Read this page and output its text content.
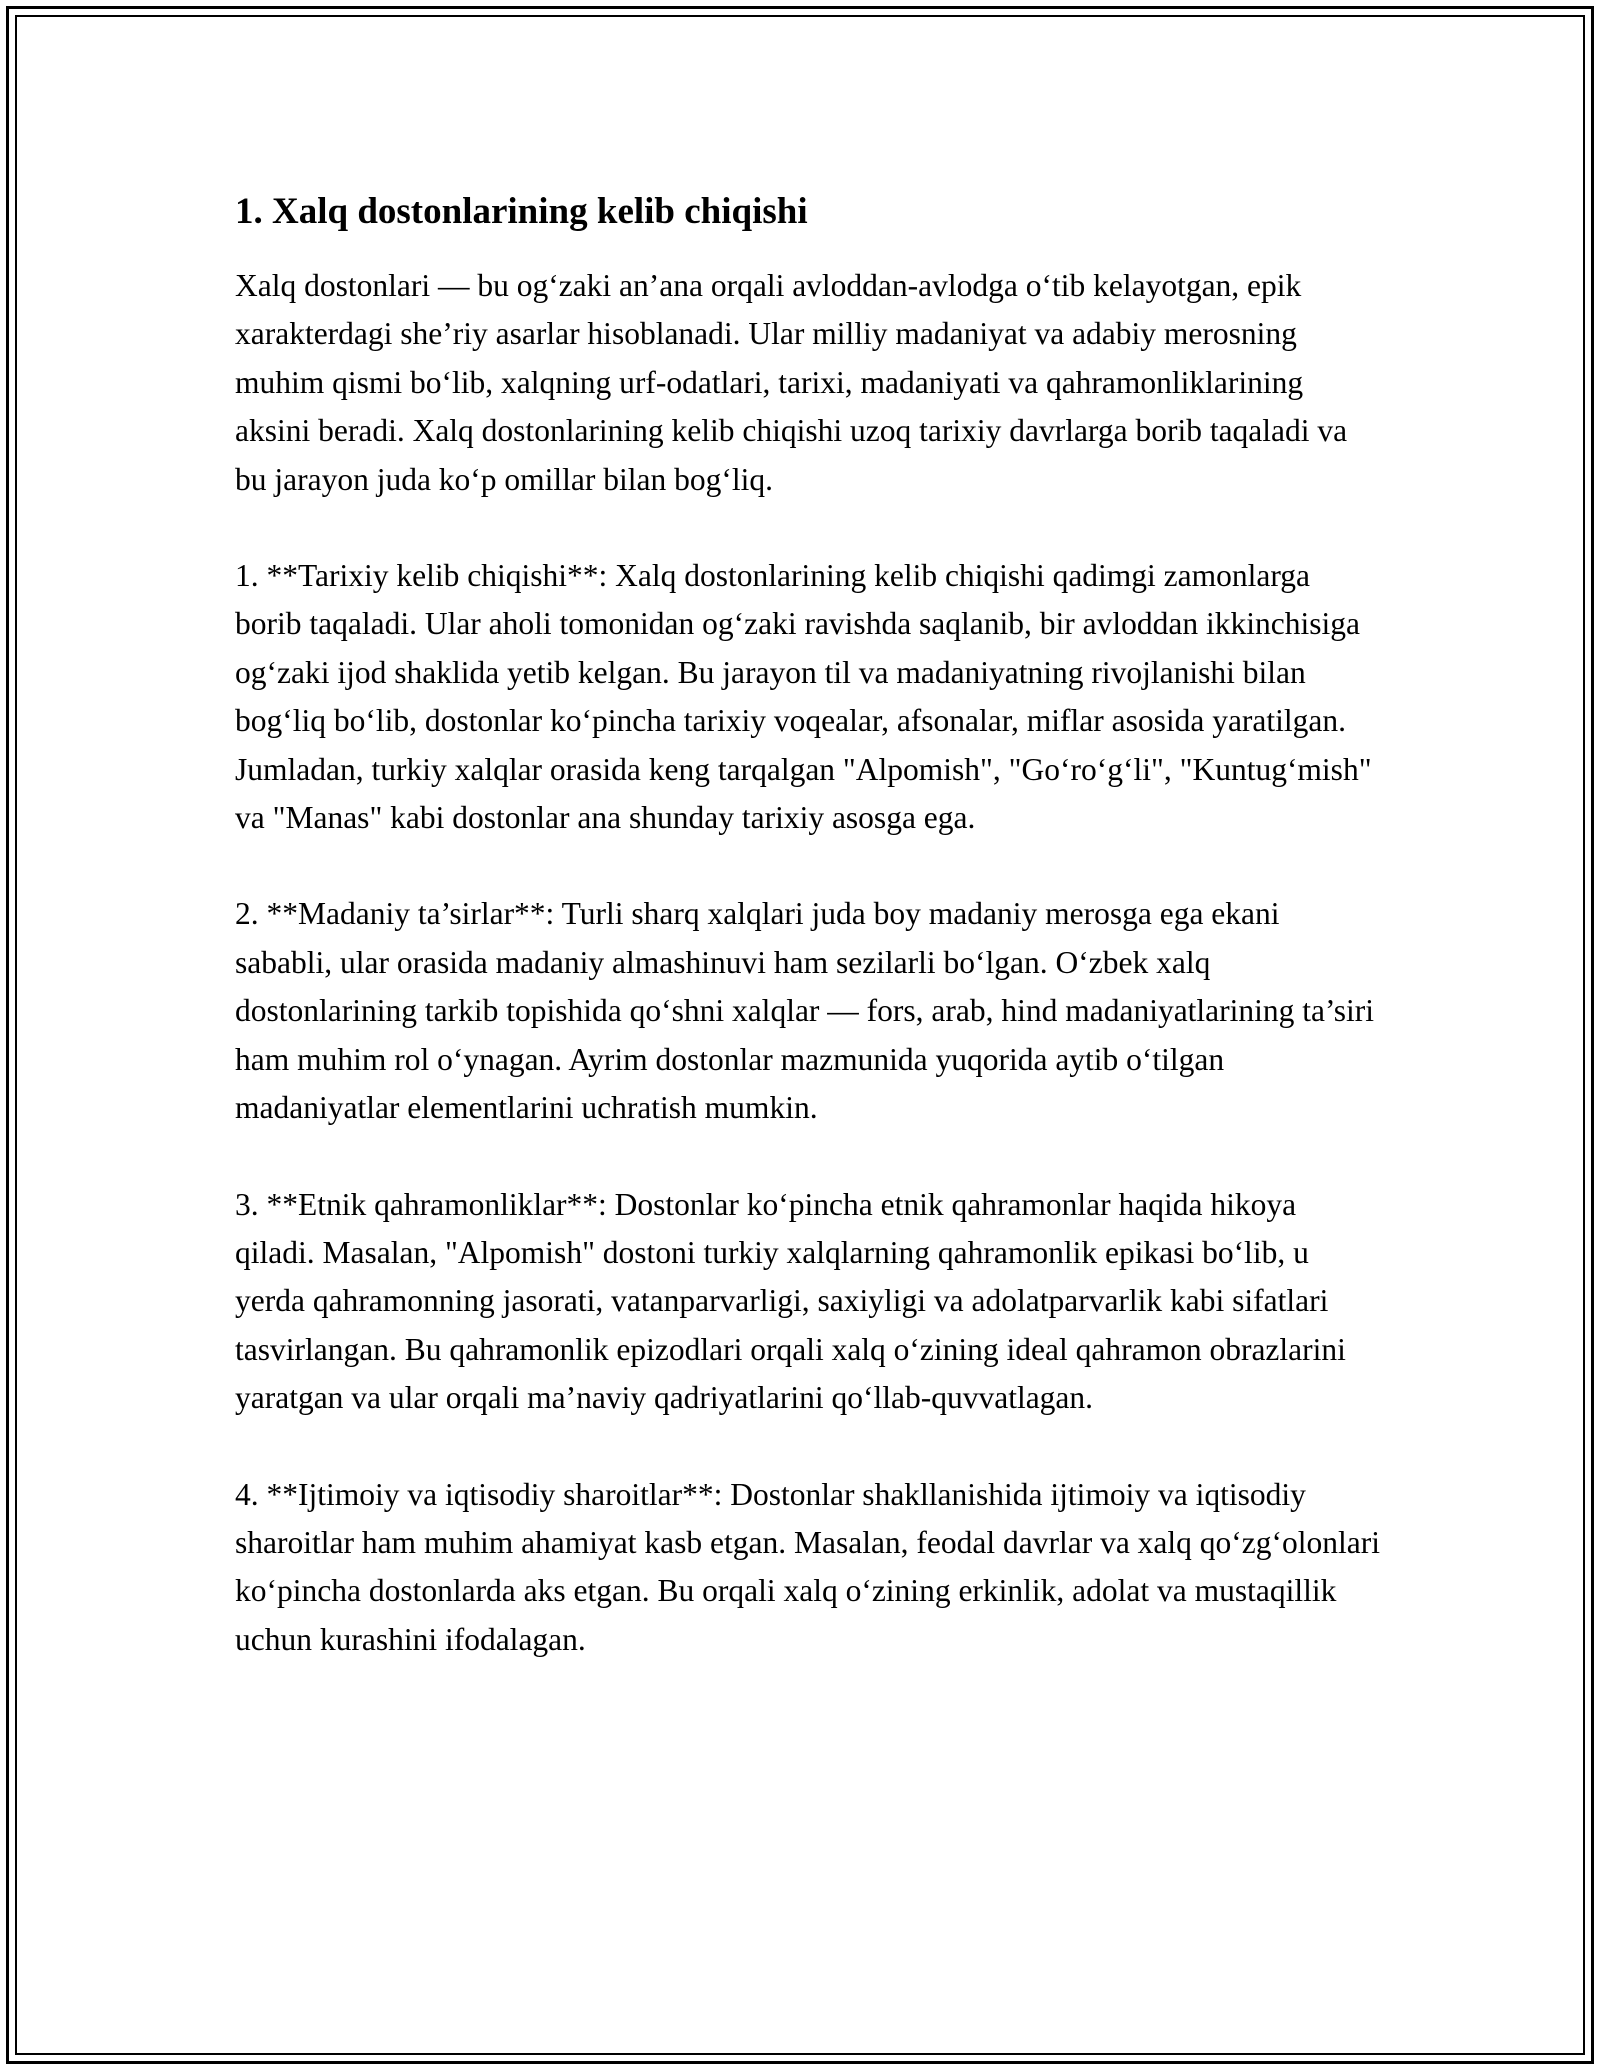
1. Xalq dostonlarining kelib chiqishi

Xalq dostonlari — bu og‘zaki an’ana orqali avloddan-avlodga o‘tib kelayotgan, epik xarakterdagi she’riy asarlar hisoblanadi. Ular milliy madaniyat va adabiy merosning muhim qismi bo‘lib, xalqning urf-odatlari, tarixi, madaniyati va qahramonliklarining aksini beradi. Xalq dostonlarining kelib chiqishi uzoq tarixiy davrlarga borib taqaladi va bu jarayon juda ko‘p omillar bilan bog‘liq.

1. **Tarixiy kelib chiqishi**: Xalq dostonlarining kelib chiqishi qadimgi zamonlarga borib taqaladi. Ular aholi tomonidan og‘zaki ravishda saqlanib, bir avloddan ikkinchisiga og‘zaki ijod shaklida yetib kelgan. Bu jarayon til va madaniyatning rivojlanishi bilan bog‘liq bo‘lib, dostonlar ko‘pincha tarixiy voqealar, afsonalar, miflar asosida yaratilgan. Jumladan, turkiy xalqlar orasida keng tarqalgan "Alpomish", "Go‘ro‘g‘li", "Kuntug‘mish" va "Manas" kabi dostonlar ana shunday tarixiy asosga ega.

2. **Madaniy ta’sirlar**: Turli sharq xalqlari juda boy madaniy merosga ega ekani sababli, ular orasida madaniy almashinuvi ham sezilarli bo‘lgan. O‘zbek xalq dostonlarining tarkib topishida qo‘shni xalqlar — fors, arab, hind madaniyatlarining ta’siri ham muhim rol o‘ynagan. Ayrim dostonlar mazmunida yuqorida aytib o‘tilgan madaniyatlar elementlarini uchratish mumkin.

3. **Etnik qahramonliklar**: Dostonlar ko‘pincha etnik qahramonlar haqida hikoya qiladi. Masalan, "Alpomish" dostoni turkiy xalqlarning qahramonlik epikasi bo‘lib, u yerda qahramonning jasorati, vatanparvarligi, saxiyligi va adolatparvarlik kabi sifatlari tasvirlangan. Bu qahramonlik epizodlari orqali xalq o‘zining ideal qahramon obrazlarini yaratgan va ular orqali ma’naviy qadriyatlarini qo‘llab-quvvatlagan.

4. **Ijtimoiy va iqtisodiy sharoitlar**: Dostonlar shakllanishida ijtimoiy va iqtisodiy sharoitlar ham muhim ahamiyat kasb etgan. Masalan, feodal davrlar va xalq qo‘zg‘olonlari ko‘pincha dostonlarda aks etgan. Bu orqali xalq o‘zining erkinlik, adolat va mustaqillik uchun kurashini ifodalagan.
